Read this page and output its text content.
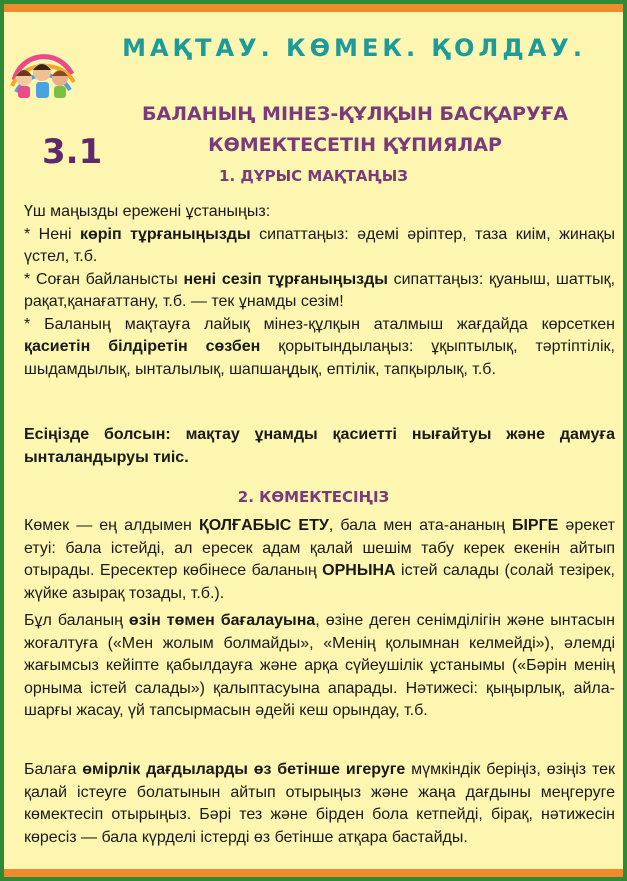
МАҚТАУ. КӨМЕК. ҚОЛДАУ.
3.1
БАЛАНЫҢ МІНЕЗ-ҚҰЛҚЫН БАСҚАРУҒА
КӨМЕКТЕСЕТІН ҚҰПИЯЛАР
1. ДҰРЫС МАҚТАҢЫЗ

Үш маңызды ережені ұстаныңыз:

* Нені көріп тұрғаныңызды сипаттаңыз: әдемі әріптер, таза киім, жинақы үстел, т.б.

* Соған байланысты нені сезіп тұрғаныңызды сипаттаңыз: қуаныш, шаттық, рақат,қанағаттану, т.б. — тек ұнамды сезім!

* Баланың мақтауға лайық мінез-құлқын аталмыш жағдайда көрсеткен қасиетін білдіретін сөзбен қорытындылаңыз: ұқыптылық, тәртіптілік, шыдамдылық, ынталылық, шапшаңдық, ептілік, тапқырлық, т.б.

Есіңізде болсын: мақтау ұнамды қасиетті нығайтуы және дамуға ынталандыруы тиіс.
2. КӨМЕКТЕСІҢІЗ
Көмек — ең алдымен ҚОЛҒАБЫС ЕТУ, бала мен ата-ананың БІРГЕ әрекет етуі: бала істейді, ал ересек адам қалай шешім табу керек екенін айтып отырады. Ересектер көбінесе баланың ОРНЫНА істей салады (солай тезірек, жүйке азырақ тозады, т.б.).
Бұл баланың өзін төмен бағалауына, өзіне деген сенімділігін және ынтасын жоғалтуға («Мен жолым болмайды», «Менің қолымнан келмейді»), әлемді жағымсыз кейіпте қабылдауға және арқа сүйеушілік ұстанымы («Бәрін менің орныма істей салады») қалыптасуына апарады. Нәтижесі: қыңырлық, айла-шарғы жасау, үй тапсырмасын әдейі кеш орындау, т.б.
Балаға өмірлік дағдыларды өз бетінше игеруге мүмкіндік беріңіз, өзіңіз тек қалай істеуге болатынын айтып отырыңыз және жаңа дағдыны меңгеруге көмектесіп отырыңыз. Бәрі тез және бірден бола кетпейді, бірақ, нәтижесін көресіз — бала күрделі істерді өз бетінше атқара бастайды.
